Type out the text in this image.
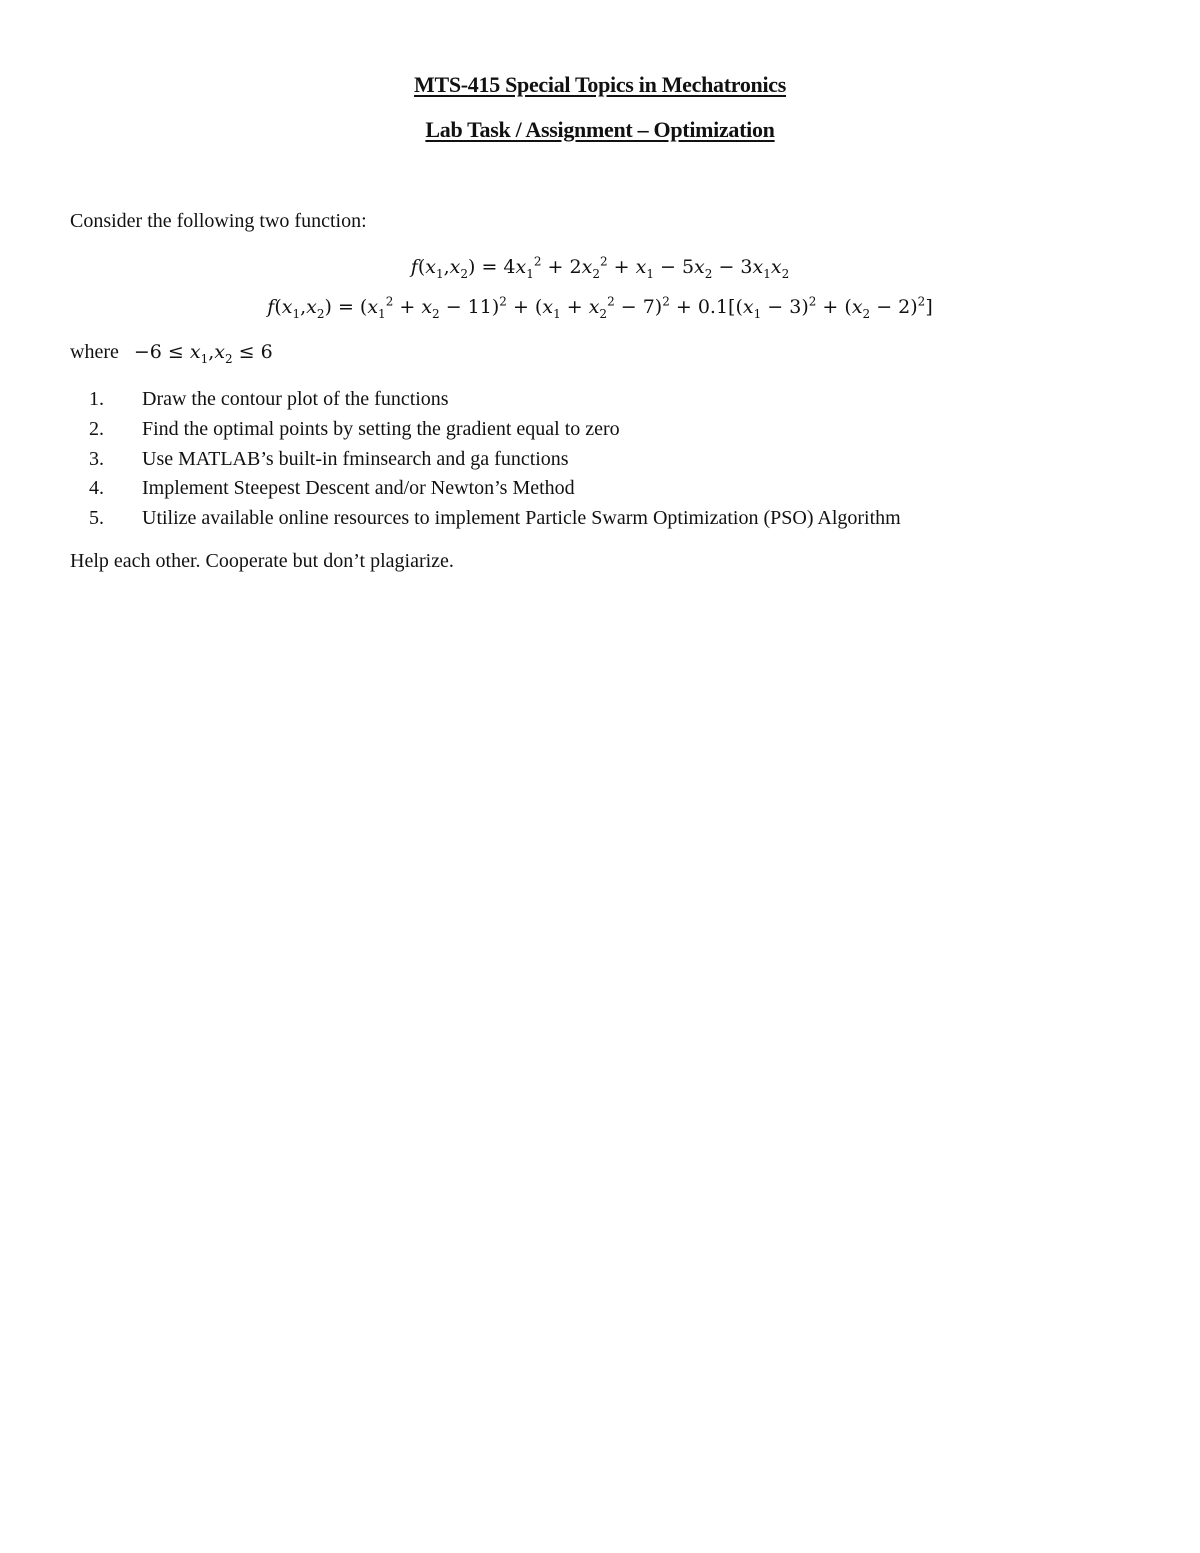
MTS-415 Special Topics in Mechatronics
Lab Task / Assignment – Optimization
Consider the following two function:
$f(x_1,x_2) = 4x_1^2 + 2x_2^2 + x_1 - 5x_2 - 3x_1x_2$
$f(x_1,x_2) = (x_1^2 + x_2 - 11)^2 + (x_1 + x_2^2 - 7)^2 + 0.1[(x_1 - 3)^2 + (x_2 - 2)^2]$
where $-6 \le x_1,x_2 \le 6$
1. Draw the contour plot of the functions
2. Find the optimal points by setting the gradient equal to zero
3. Use MATLAB’s built-in fminsearch and ga functions
4. Implement Steepest Descent and/or Newton’s Method
5. Utilize available online resources to implement Particle Swarm Optimization (PSO) Algorithm
Help each other. Cooperate but don’t plagiarize.
